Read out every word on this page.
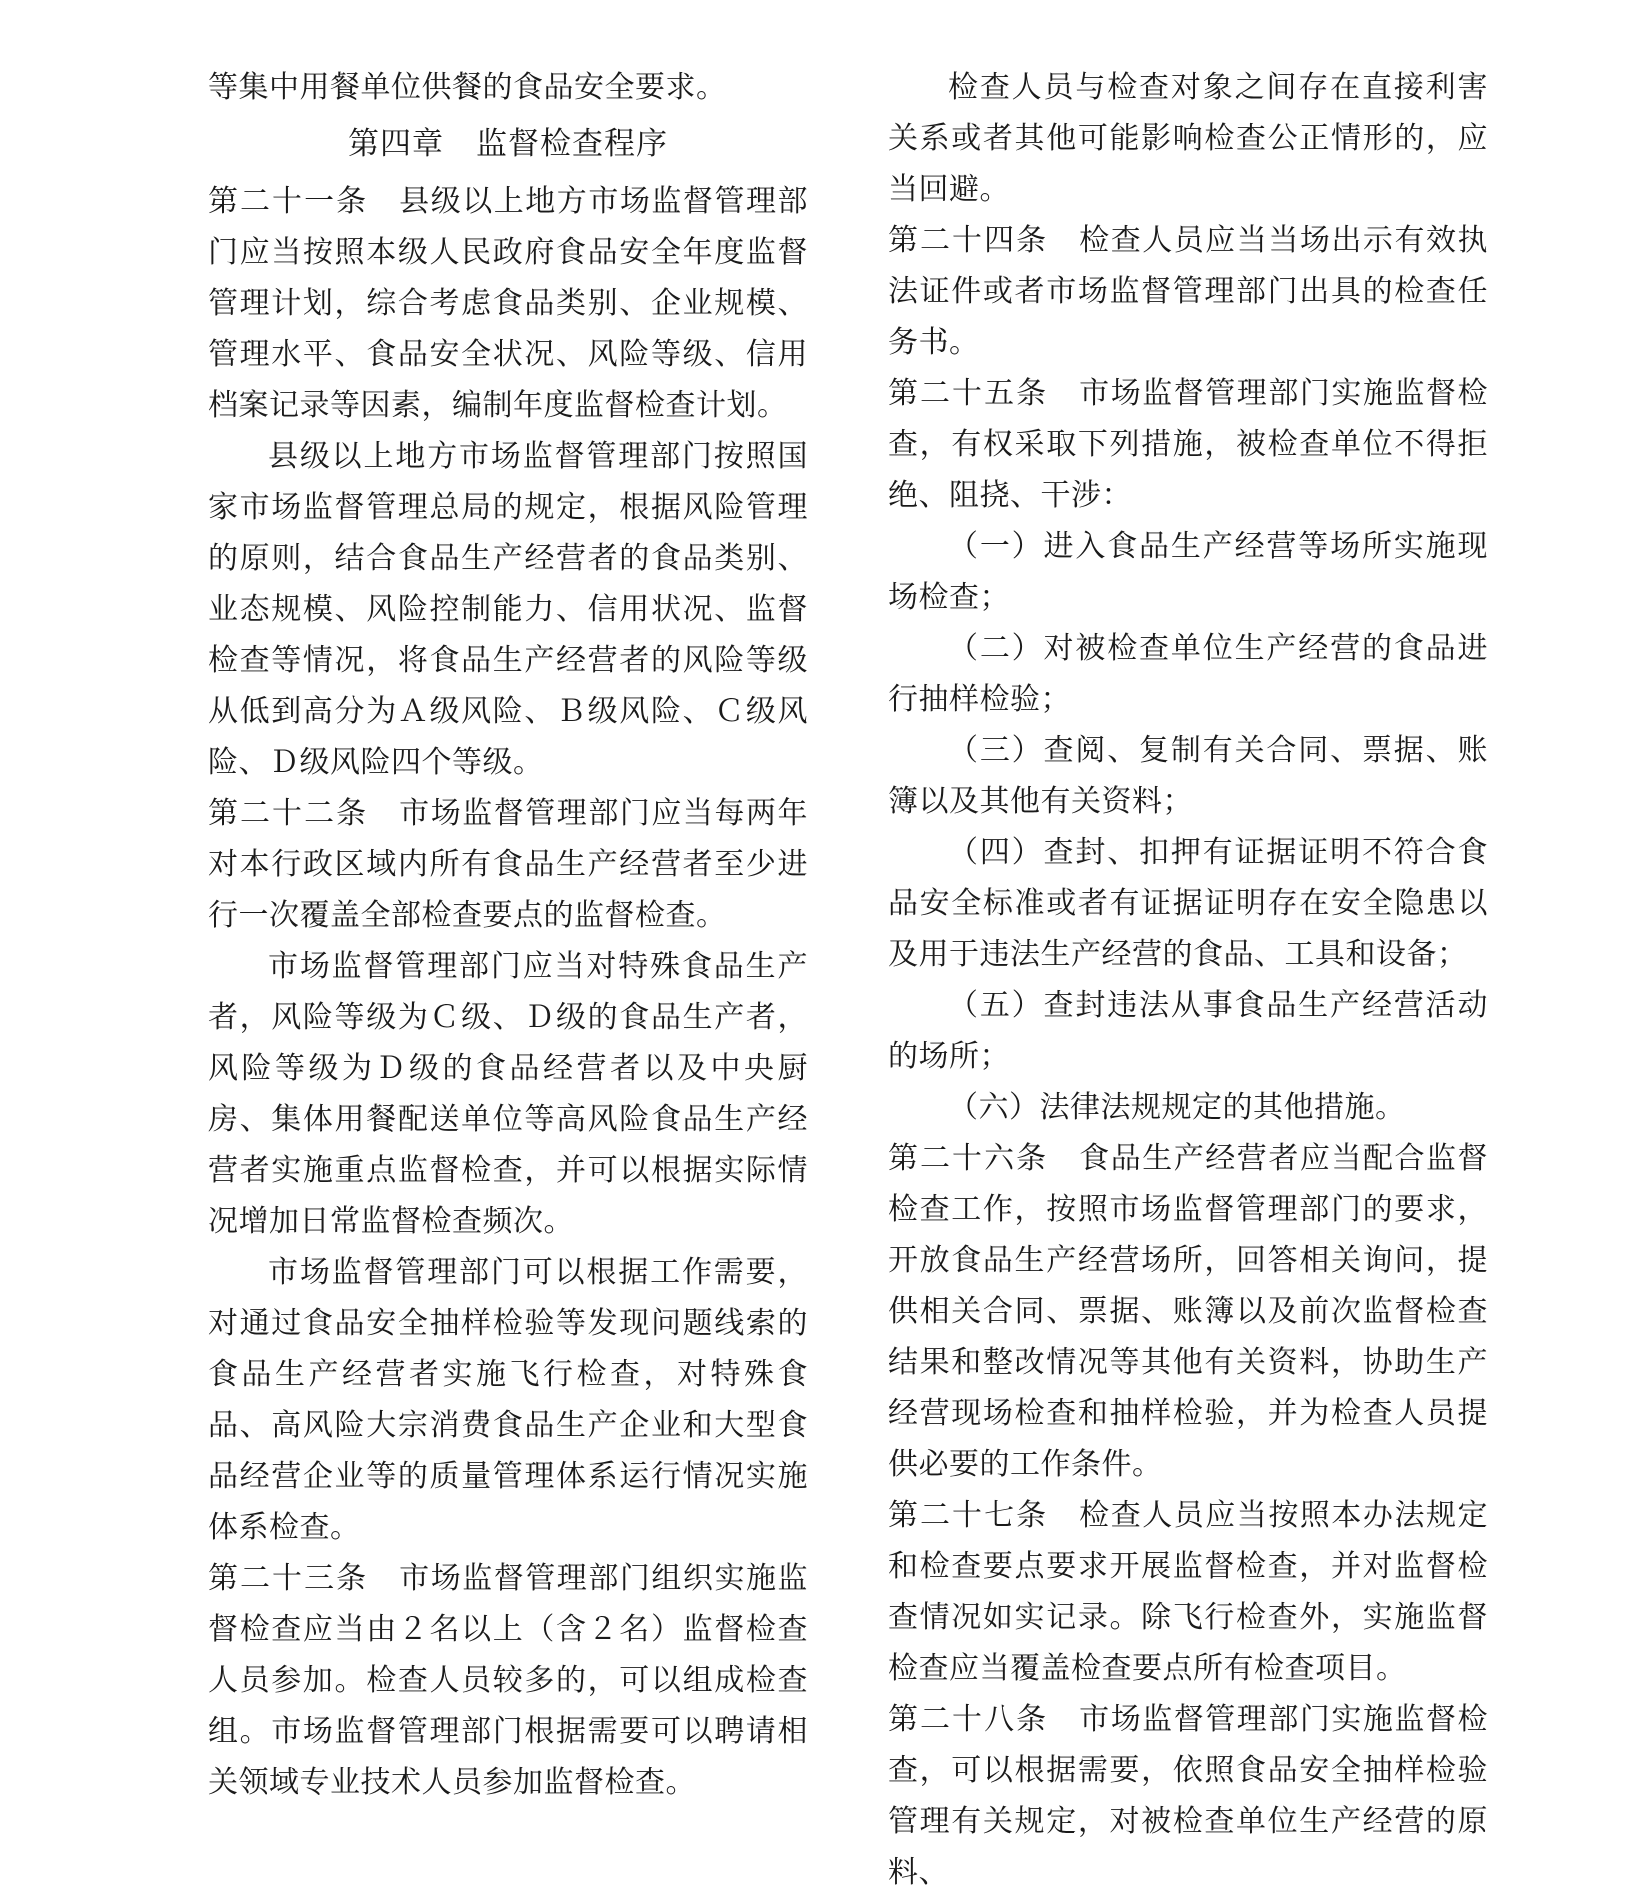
等集中用餐单位供餐的食品安全要求。

第四章　监督检查程序

第二十一条 县级以上地方市场监督管理部门应当按照本级人民政府食品安全年度监督管理计划，综合考虑食品类别、企业规模、管理水平、食品安全状况、风险等级、信用档案记录等因素，编制年度监督检查计划。

县级以上地方市场监督管理部门按照国家市场监督管理总局的规定，根据风险管理的原则，结合食品生产经营者的食品类别、业态规模、风险控制能力、信用状况、监督检查等情况，将食品生产经营者的风险等级从低到高分为Ａ级风险、Ｂ级风险、Ｃ级风险、Ｄ级风险四个等级。

第二十二条 市场监督管理部门应当每两年对本行政区域内所有食品生产经营者至少进行一次覆盖全部检查要点的监督检查。

市场监督管理部门应当对特殊食品生产者，风险等级为Ｃ级、Ｄ级的食品生产者，风险等级为Ｄ级的食品经营者以及中央厨房、集体用餐配送单位等高风险食品生产经营者实施重点监督检查，并可以根据实际情况增加日常监督检查频次。

市场监督管理部门可以根据工作需要，对通过食品安全抽样检验等发现问题线索的食品生产经营者实施飞行检查，对特殊食品、高风险大宗消费食品生产企业和大型食品经营企业等的质量管理体系运行情况实施体系检查。

第二十三条 市场监督管理部门组织实施监督检查应当由２名以上（含２名）监督检查人员参加。检查人员较多的，可以组成检查组。市场监督管理部门根据需要可以聘请相关领域专业技术人员参加监督检查。

检查人员与检查对象之间存在直接利害关系或者其他可能影响检查公正情形的，应当回避。

第二十四条 检查人员应当当场出示有效执法证件或者市场监督管理部门出具的检查任务书。

第二十五条 市场监督管理部门实施监督检查，有权采取下列措施，被检查单位不得拒绝、阻挠、干涉：

（一）进入食品生产经营等场所实施现场检查；

（二）对被检查单位生产经营的食品进行抽样检验；

（三）查阅、复制有关合同、票据、账簿以及其他有关资料；

（四）查封、扣押有证据证明不符合食品安全标准或者有证据证明存在安全隐患以及用于违法生产经营的食品、工具和设备；

（五）查封违法从事食品生产经营活动的场所；

（六）法律法规规定的其他措施。

第二十六条 食品生产经营者应当配合监督检查工作，按照市场监督管理部门的要求，开放食品生产经营场所，回答相关询问，提供相关合同、票据、账簿以及前次监督检查结果和整改情况等其他有关资料，协助生产经营现场检查和抽样检验，并为检查人员提供必要的工作条件。

第二十七条 检查人员应当按照本办法规定和检查要点要求开展监督检查，并对监督检查情况如实记录。除飞行检查外，实施监督检查应当覆盖检查要点所有检查项目。

第二十八条 市场监督管理部门实施监督检查，可以根据需要，依照食品安全抽样检验管理有关规定，对被检查单位生产经营的原料、
